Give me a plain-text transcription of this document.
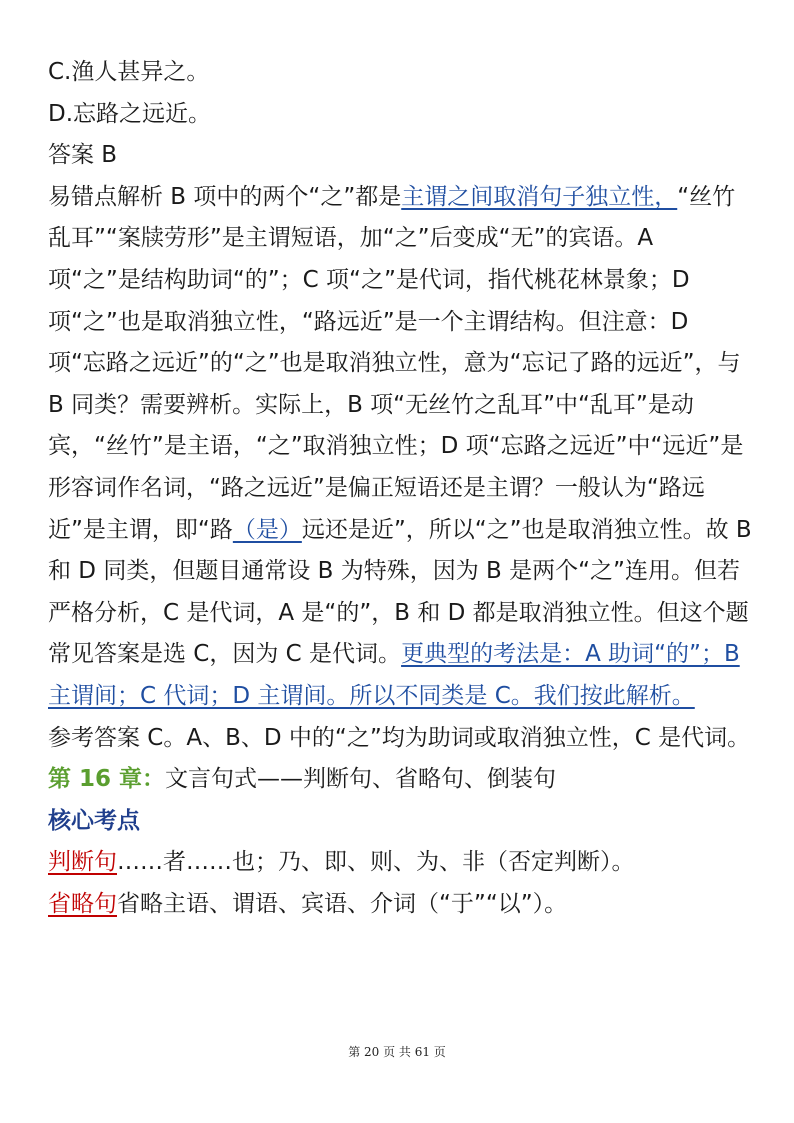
C.渔人甚异之。

D.忘路之远近。

答案 B

易错点解析 B 项中的两个“之”都是主谓之间取消句子独立性，“丝竹乱耳”“案牍劳形”是主谓短语，加“之”后变成“无”的宾语。A 项“之”是结构助词“的”；C 项“之”是代词，指代桃花林景象；D 项“之”也是取消独立性，“路远近”是一个主谓结构。但注意：D 项“忘路之远近”的“之”也是取消独立性，意为“忘记了路的远近”，与 B 同类？需要辨析。实际上，B 项“无丝竹之乱耳”中“乱耳”是动宾，“丝竹”是主语，“之”取消独立性；D 项“忘路之远近”中“远近”是形容词作名词，“路之远近”是偏正短语还是主谓？一般认为“路远近”是主谓，即“路（是）远还是近”，所以“之”也是取消独立性。故 B 和 D 同类，但题目通常设 B 为特殊，因为 B 是两个“之”连用。但若严格分析，C 是代词，A 是“的”，B 和 D 都是取消独立性。但这个题常见答案是选 C，因为 C 是代词。更典型的考法是：A 助词“的”；B 主谓间；C 代词；D 主谓间。所以不同类是 C。我们按此解析。

参考答案 C。A、B、D 中的“之”均为助词或取消独立性，C 是代词。

第 16 章：文言句式——判断句、省略句、倒装句

核心考点

判断句……者……也；乃、即、则、为、非（否定判断）。

省略句省略主语、谓语、宾语、介词（“于”“以”）。

第 20 页 共 61 页
